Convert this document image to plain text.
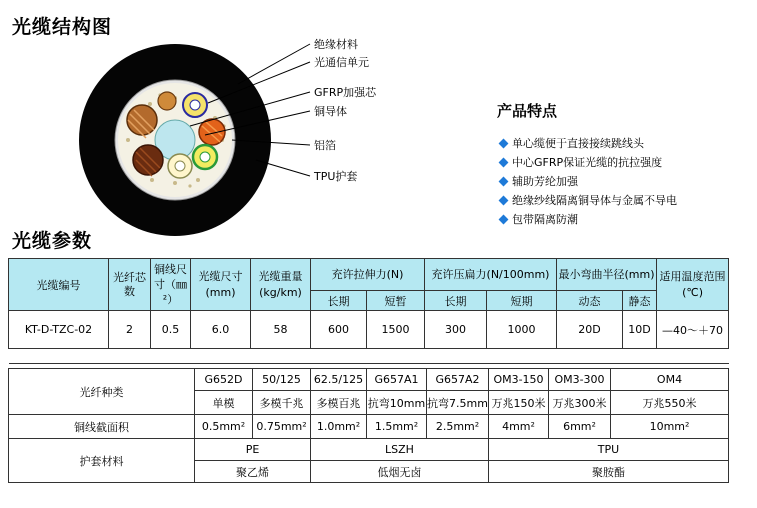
光缆结构图
绝缘材料
光通信单元
GFRP加强芯
铜导体
铝箔
TPU护套
产品特点
单心缆便于直接接续跳线头
中心GFRP保证光缆的抗拉强度
辅助芳纶加强
绝缘纱线隔离铜导体与金属不导电
包带隔离防潮
光缆参数
光缆编号	光纤芯数	铜线尺寸（㎜²）	光缆尺寸(mm)	光缆重量(kg/km)	充许拉伸力(N)		充许压扁力(N/100mm)		最小弯曲半径(mm)		适用温度范围(℃)
					长期	短暂	长期	短期	动态	静态	
KT-D-TZC-02	2	0.5	6.0	58	600	1500	300	1000	20D	10D	—40～＋70

光纤种类	G652D	50/125	62.5/125	G657A1	G657A2	OM3-150	OM3-300	OM4
	单模	多模千兆	多模百兆	抗弯10mm	抗弯7.5mm	万兆150米	万兆300米	万兆550米
铜线截面积	0.5mm²	0.75mm²	1.0mm²	1.5mm²	2.5mm²	4mm²	6mm²	10mm²
护套材料	PE		LSZH			TPU		
	聚乙烯		低烟无卤			聚胺酯		
